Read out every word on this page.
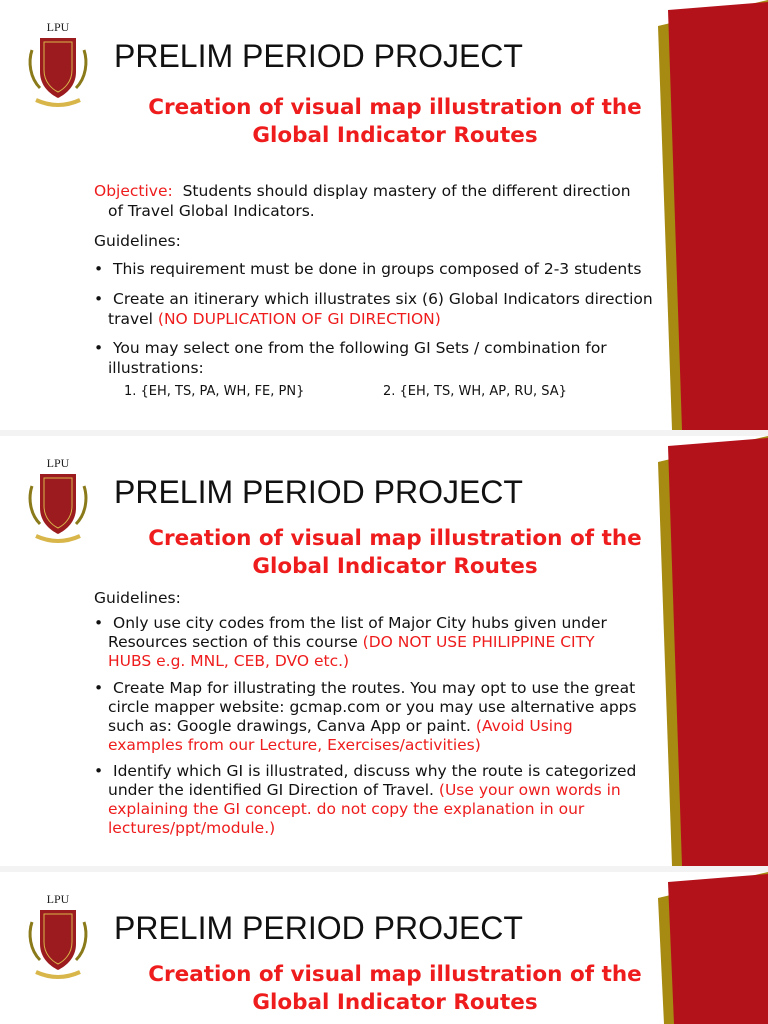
LPU
PRELIM PERIOD PROJECT
Creation of visual map illustration of the
Global Indicator Routes
Objective: Students should display mastery of the different direction
of Travel Global Indicators.
Guidelines:
•  This requirement must be done in groups composed of 2-3 students
•  Create an itinerary which illustrates six (6) Global Indicators direction
travel (NO DUPLICATION OF GI DIRECTION)
•  You may select one from the following GI Sets / combination for
illustrations:
1. {EH, TS, PA, WH, FE, PN}	2. {EH, TS, WH, AP, RU, SA}
LPU
PRELIM PERIOD PROJECT
Creation of visual map illustration of the
Global Indicator Routes
Guidelines:
•  Only use city codes from the list of Major City hubs given under
Resources section of this course (DO NOT USE PHILIPPINE CITY
HUBS e.g. MNL, CEB, DVO etc.)
•  Create Map for illustrating the routes. You may opt to use the great
circle mapper website: gcmap.com or you may use alternative apps
such as: Google drawings, Canva App or paint. (Avoid Using
examples from our Lecture, Exercises/activities)
•  Identify which GI is illustrated, discuss why the route is categorized
under the identified GI Direction of Travel. (Use your own words in
explaining the GI concept. do not copy the explanation in our
lectures/ppt/module.)
LPU
PRELIM PERIOD PROJECT
Creation of visual map illustration of the
Global Indicator Routes
